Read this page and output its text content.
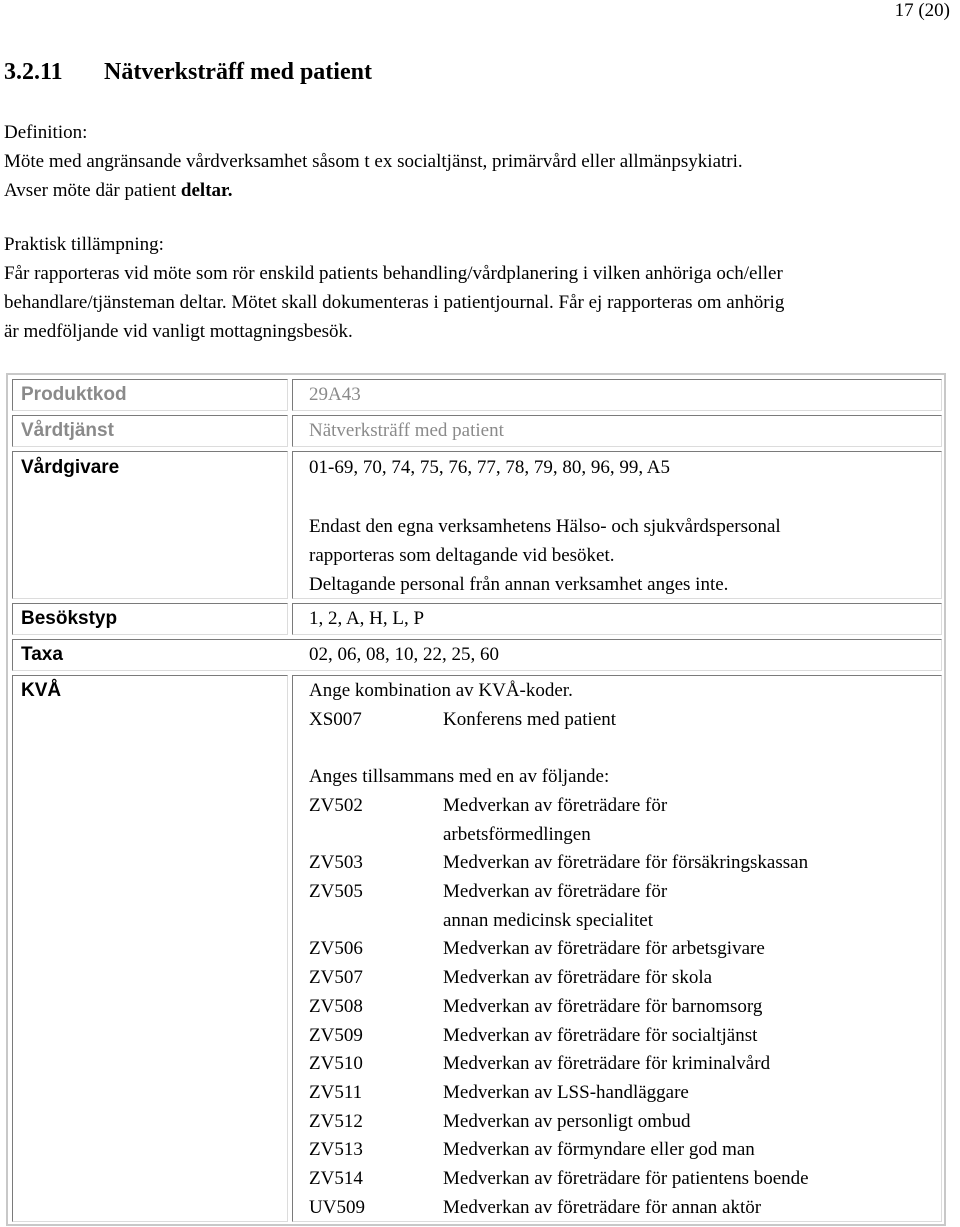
17 (20)
3.2.11 Nätverksträff med patient
Definition:
Möte med angränsande vårdverksamhet såsom t ex socialtjänst, primärvård eller allmänpsykiatri.
Avser möte där patient deltar.
Praktisk tillämpning:
Får rapporteras vid möte som rör enskild patients behandling/vårdplanering i vilken anhöriga och/eller
behandlare/tjänsteman deltar. Mötet skall dokumenteras i patientjournal. Får ej rapporteras om anhörig
är medföljande vid vanligt mottagningsbesök.
Produktkod	29A43
Vårdtjänst	Nätverksträff med patient
Vårdgivare	01-69, 70, 74, 75, 76, 77, 78, 79, 80, 96, 99, A5
Endast den egna verksamhetens Hälso- och sjukvårdspersonal
rapporteras som deltagande vid besöket.
Deltagande personal från annan verksamhet anges inte.
Besökstyp	1, 2, A, H, L, P
Taxa	02, 06, 08, 10, 22, 25, 60
KVÅ	Ange kombination av KVÅ-koder.
XS007	Konferens med patient
Anges tillsammans med en av följande:
ZV502	Medverkan av företrädare för
arbetsförmedlingen
ZV503	Medverkan av företrädare för försäkringskassan
ZV505	Medverkan av företrädare för
annan medicinsk specialitet
ZV506	Medverkan av företrädare för arbetsgivare
ZV507	Medverkan av företrädare för skola
ZV508	Medverkan av företrädare för barnomsorg
ZV509	Medverkan av företrädare för socialtjänst
ZV510	Medverkan av företrädare för kriminalvård
ZV511	Medverkan av LSS-handläggare
ZV512	Medverkan av personligt ombud
ZV513	Medverkan av förmyndare eller god man
ZV514	Medverkan av företrädare för patientens boende
UV509	Medverkan av företrädare för annan aktör
